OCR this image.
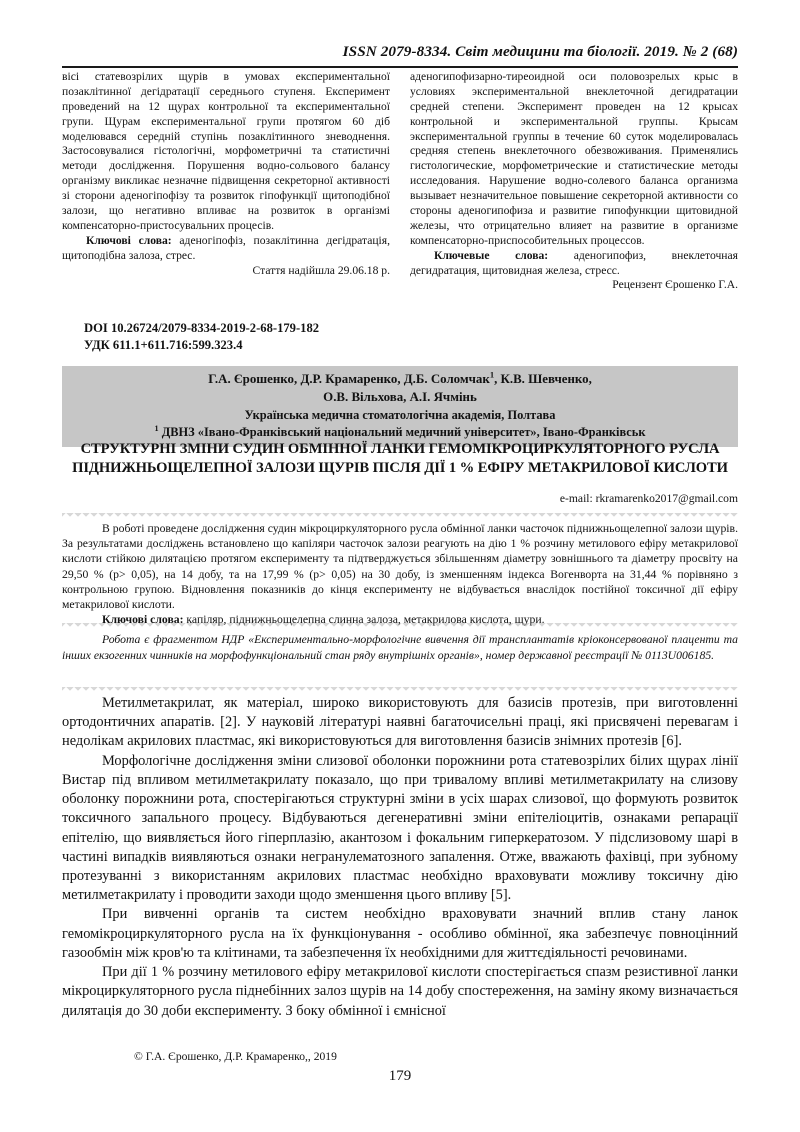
ISSN 2079-8334. Світ медицини та біології. 2019. № 2 (68)

вісі статевозрілих щурів в умовах експериментальної позаклітинної дегідратації середнього ступеня. Експеримент проведений на 12 щурах контрольної та експериментальної групи. Щурам експериментальної групи протягом 60 діб моделювався середній ступінь позаклітинного зневоднення. Застосовувалися гістологічні, морфометричні та статистичні методи дослідження. Порушення водно-сольового балансу організму викликає незначне підвищення секреторної активності зі сторони аденогіпофізу та розвиток гіпофункції щитоподібної залози, що негативно впливає на розвиток в організмі компенсаторно-пристосувальних процесів.

Ключові слова: аденогіпофіз, позаклітинна дегідратація, щитоподібна залоза, стрес.

Стаття надійшла 29.06.18 р.

аденогипофизарно-тиреоидной оси половозрелых крыс в условиях экспериментальной внеклеточной дегидратации средней степени. Эксперимент проведен на 12 крысах контрольной и экспериментальной группы. Крысам экспериментальной группы в течение 60 суток моделировалась средняя степень внеклеточного обезвоживания. Применялись гистологические, морфометрические и статистические методы исследования. Нарушение водно-солевого баланса организма вызывает незначительное повышение секреторной активности со стороны аденогипофиза и развитие гипофункции щитовидной железы, что отрицательно влияет на развитие в организме компенсаторно-приспособительных процессов.

Ключевые слова: аденогипофиз, внеклеточная дегидратация, щитовидная железа, стресс.

Рецензент Єрошенко Г.А.

DOI 10.26724/2079-8334-2019-2-68-179-182
УДК 611.1+611.716:599.323.4
Г.А. Єрошенко, Д.Р. Крамаренко, Д.Б. Соломчак$^1$, К.В. Шевченко,
О.В. Вільхова, А.І. Ячмінь
Українська медична стоматологічна академія, Полтава
$^1$ ДВНЗ «Івано-Франківський національний медичний університет», Івано-Франківськ
СТРУКТУРНІ ЗМІНИ СУДИН ОБМІННОЇ ЛАНКИ ГЕМОМІКРОЦИРКУЛЯТОРНОГО РУСЛА ПІДНИЖНЬОЩЕЛЕПНОЇ ЗАЛОЗИ ЩУРІВ ПІСЛЯ ДІЇ 1 % ЕФІРУ МЕТАКРИЛОВОЇ КИСЛОТИ
e-mail: rkramarenko2017@gmail.com

В роботі проведене дослідження судин мікроциркуляторного русла обмінної ланки часточок піднижньощелепної залози щурів. За результатами досліджень встановлено що капіляри часточок залози реагують на дію 1 % розчину метилового ефіру метакрилової кислоти стійкою дилятацією протягом експерименту та підтверджується збільшенням діаметру зовнішнього та діаметру просвіту на 29,50 % (р> 0,05), на 14 добу, та на 17,99 % (р> 0,05) на 30 добу, із зменшенням індекса Вогенворта на 31,44 % порівняно з контрольною групою. Відновлення показників до кінця експерименту не відбувається внаслідок постійної токсичної дії ефіру метакрилової кислоти.

Ключові слова: капіляр, піднижньощелепна слинна залоза, метакрилова кислота, щури.

Робота є фрагментом НДР «Експериментально-морфологічне вивчення дії трансплантатів кріоконсервованої плаценти та інших екзогенних чинників на морфофункціональний стан ряду внутрішніх органів», номер державної реєстрації № 0113U006185.

Метилметакрилат, як матеріал, широко використовують для базисів протезів, при виготовленні ортодонтичних апаратів. [2]. У науковій літературі наявні багаточисельні праці, які присвячені перевагам і недолікам акрилових пластмас, які використовуються для виготовлення базисів знімних протезів [6].

Морфологічне дослідження зміни слизової оболонки порожнини рота статевозрілих білих щурах лінії Вистар під впливом метилметакрилату показало, що при тривалому впливі метилметакрилату на слизову оболонку порожнини рота, спостерігаються структурні зміни в усіх шарах слизової, що формують розвиток токсичного запального процесу. Відбуваються дегенеративні зміни епітеліоцитів, ознаками репарації епітелію, що виявляється його гіперплазію, акантозом і фокальним гиперкератозом. У підслизовому шарі в частині випадків виявляються ознаки негранулематозного запалення. Отже, вважають фахівці, при зубному протезуванні з використанням акрилових пластмас необхідно враховувати можливу токсичну дію метилметакрилату і проводити заходи щодо зменшення цього впливу [5].

При вивченні органів та систем необхідно враховувати значний вплив стану ланок гемомікроциркуляторного русла на їх функціонування - особливо обмінної, яка забезпечує повноцінний газообмін між кров'ю та клітинами, та забезпечення їх необхідними для життєдіяльності речовинами.

При дії 1 % розчину метилового ефіру метакрилової кислоти спостерігається спазм резистивної ланки мікроциркуляторного русла піднебінних залоз щурів на 14 добу спостереження, на заміну якому визначається дилятація до 30 доби експерименту. З боку обмінної і ємнісної

© Г.А. Єрошенко, Д.Р. Крамаренко,, 2019
179
